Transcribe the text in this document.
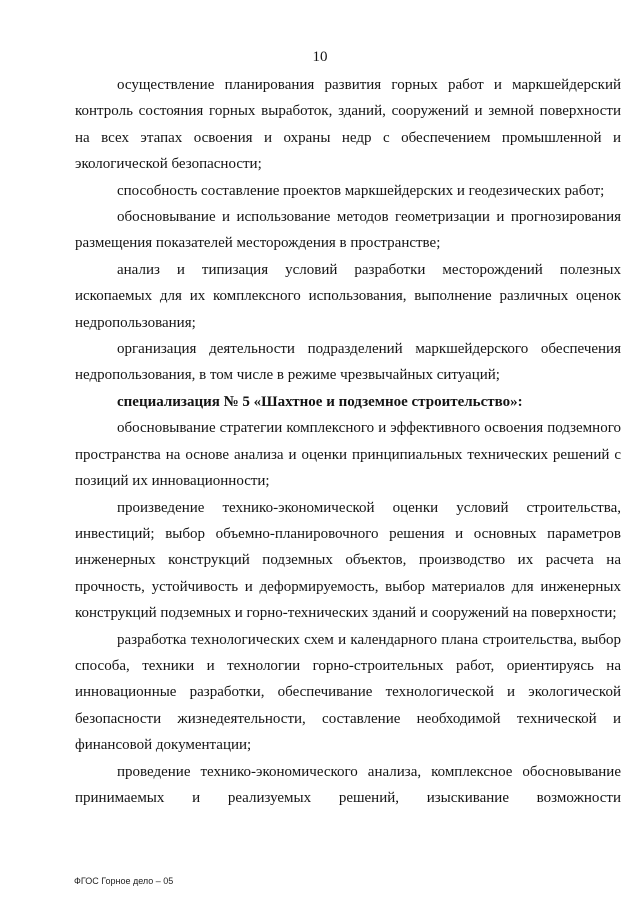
10

осуществление планирования развития горных работ и маркшейдерский контроль состояния горных выработок, зданий, сооружений и земной поверхности на всех этапах освоения и охраны недр с обеспечением промышленной и экологической безопасности;

способность составление проектов маркшейдерских и геодезических работ;

обосновывание и использование методов геометризации и прогнозирования размещения показателей месторождения в пространстве;

анализ и типизация условий разработки месторождений полезных ископаемых для их комплексного использования, выполнение различных оценок недропользования;

организация деятельности подразделений маркшейдерского обеспечения недропользования, в том числе в режиме чрезвычайных ситуаций;

специализация № 5 «Шахтное и подземное строительство»:

обосновывание стратегии комплексного и эффективного освоения подземного пространства на основе анализа и оценки принципиальных технических решений с позиций их инновационности;

произведение технико-экономической оценки условий строительства, инвестиций; выбор объемно-планировочного решения и основных параметров инженерных конструкций подземных объектов, производство их расчета на прочность, устойчивость и деформируемость, выбор материалов для инженерных конструкций подземных и горно-технических зданий и сооружений на поверхности;

разработка технологических схем и календарного плана строительства, выбор способа, техники и технологии горно-строительных работ, ориентируясь на инновационные разработки, обеспечивание технологической и экологической безопасности жизнедеятельности, составление необходимой технической и финансовой документации;

проведение технико-экономического анализа, комплексное обосновывание принимаемых и реализуемых решений, изыскивание возможности

ФГОС Горное дело – 05
